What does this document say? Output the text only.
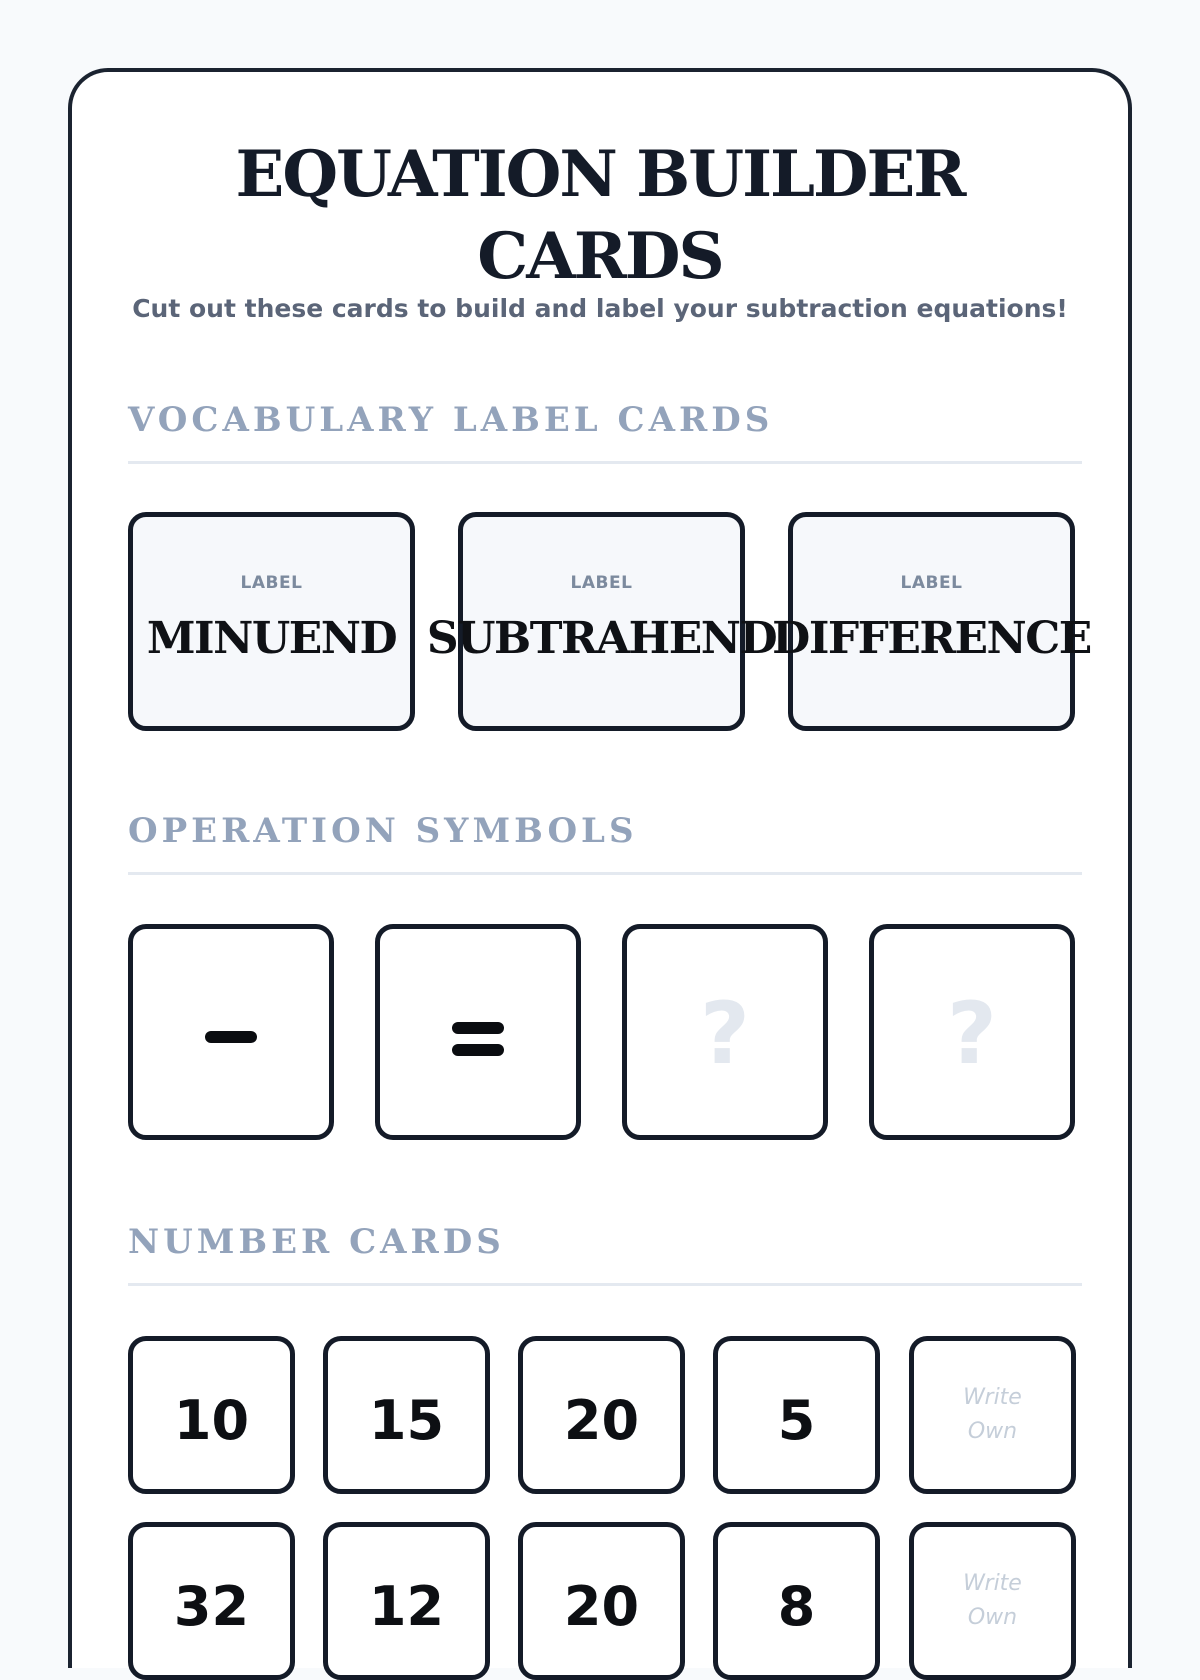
EQUATION BUILDER
CARDS
Cut out these cards to build and label your subtraction equations!
VOCABULARY LABEL CARDS
LABEL
MINUEND
LABEL
SUBTRAHEND
LABEL
DIFFERENCE
OPERATION SYMBOLS
? ?
NUMBER CARDS
10	15	20	5	Write
Own
32	12	20	8	Write
Own
